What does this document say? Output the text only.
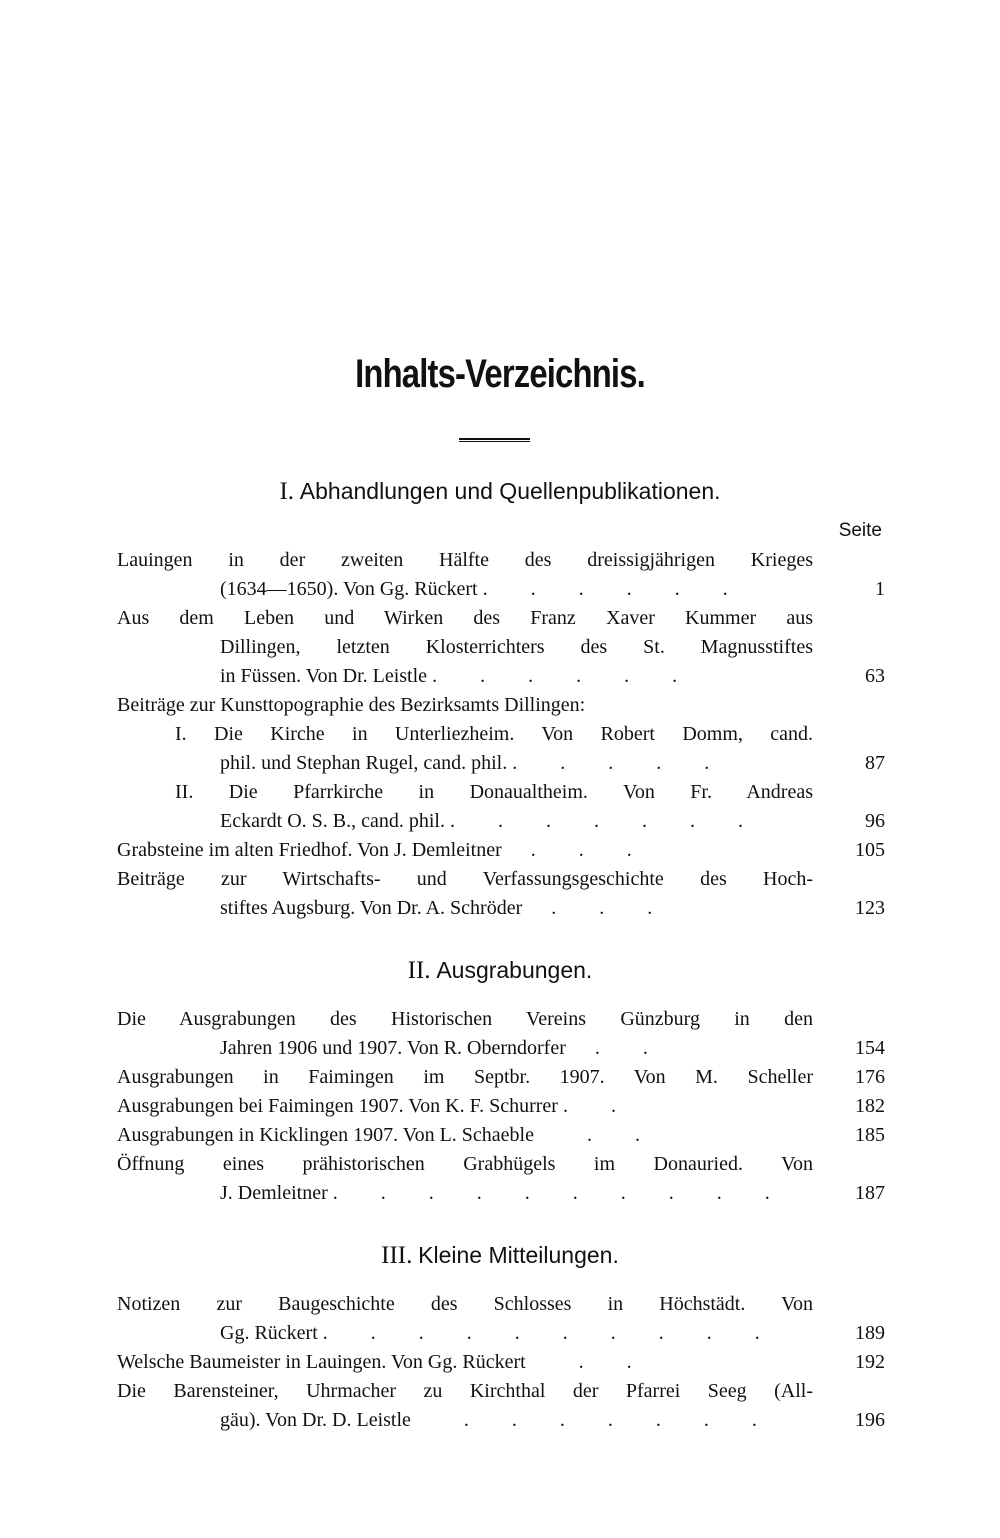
Inhalts-Verzeichnis.
I. Abhandlungen und Quellenpublikationen.
Seite
Lauingen in der zweiten Hälfte des dreissigjährigen Krieges
(1634—1650). Von Gg. Rückert . . . . . .	1
Aus dem Leben und Wirken des Franz Xaver Kummer aus
Dillingen, letzten Klosterrichters des St. Magnusstiftes
in Füssen. Von Dr. Leistle . . . . . .	63
Beiträge zur Kunsttopographie des Bezirksamts Dillingen:
I. Die Kirche in Unterliezheim. Von Robert Domm, cand.
phil. und Stephan Rugel, cand. phil. . . . . .	87
II. Die Pfarrkirche in Donaualtheim. Von Fr. Andreas
Eckardt O. S. B., cand. phil. . . . . . . .	96
Grabsteine im alten Friedhof. Von J. Demleitner  . . .	105
Beiträge zur Wirtschafts- und Verfassungsgeschichte des Hoch-
stiftes Augsburg. Von Dr. A. Schröder  . . .	123
II. Ausgrabungen.
Die Ausgrabungen des Historischen Vereins Günzburg in den
Jahren 1906 und 1907. Von R. Oberndorfer  . .	154
Ausgrabungen in Faimingen im Septbr. 1907. Von M. Scheller	176
Ausgrabungen bei Faimingen 1907. Von K. F. Schurrer . .	182
Ausgrabungen in Kicklingen 1907. Von L. Schaeble   . .	185
Öffnung eines prähistorischen Grabhügels im Donauried. Von
J. Demleitner . . . . . . . . . .	187
III. Kleine Mitteilungen.
Notizen zur Baugeschichte des Schlosses in Höchstädt. Von
Gg. Rückert . . . . . . . . . .	189
Welsche Baumeister in Lauingen. Von Gg. Rückert   . .	192
Die Barensteiner, Uhrmacher zu Kirchthal der Pfarrei Seeg (All-
gäu). Von Dr. D. Leistle   . . . . . . .	196
